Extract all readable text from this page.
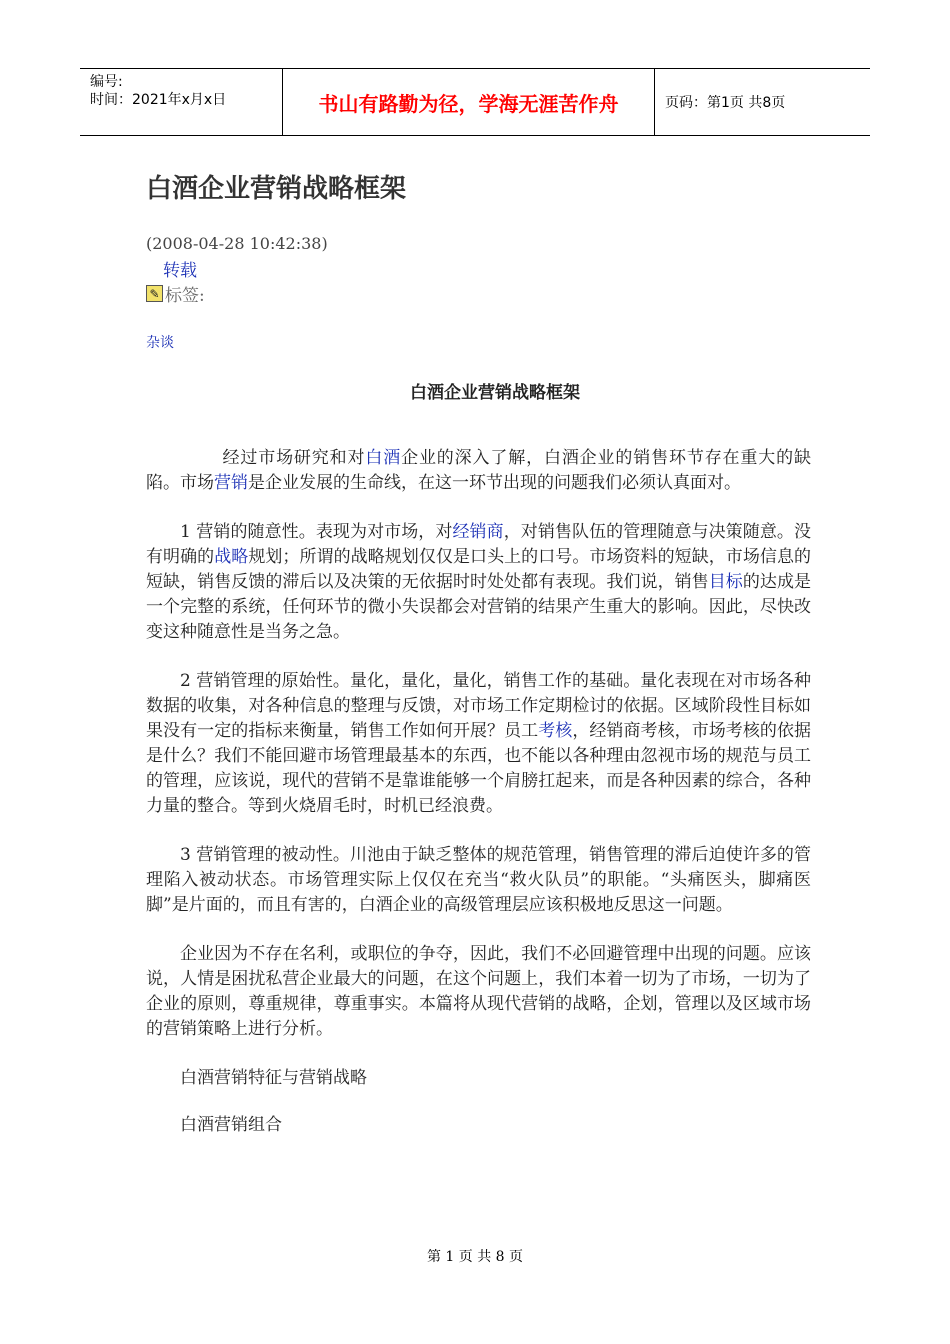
编号:
时间：2021年x月x日	书山有路勤为径，学海无涯苦作舟	页码：第1页 共8页
白酒企业营销战略框架
(2008-04-28 10:42:38)
转载
✎ 标签:
杂谈
白酒企业营销战略框架

经过市场研究和对白酒企业的深入了解，白酒企业的销售环节存在重大的缺陷。市场营销是企业发展的生命线，在这一环节出现的问题我们必须认真面对。

1 营销的随意性。表现为对市场，对经销商，对销售队伍的管理随意与决策随意。没有明确的战略规划；所谓的战略规划仅仅是口头上的口号。市场资料的短缺，市场信息的短缺，销售反馈的滞后以及决策的无依据时时处处都有表现。我们说，销售目标的达成是一个完整的系统，任何环节的微小失误都会对营销的结果产生重大的影响。因此，尽快改变这种随意性是当务之急。

2 营销管理的原始性。量化，量化，量化，销售工作的基础。量化表现在对市场各种数据的收集，对各种信息的整理与反馈，对市场工作定期检讨的依据。区域阶段性目标如果没有一定的指标来衡量，销售工作如何开展？员工考核，经销商考核，市场考核的依据是什么？我们不能回避市场管理最基本的东西，也不能以各种理由忽视市场的规范与员工的管理，应该说，现代的营销不是靠谁能够一个肩膀扛起来，而是各种因素的综合，各种力量的整合。等到火烧眉毛时，时机已经浪费。

3 营销管理的被动性。川池由于缺乏整体的规范管理，销售管理的滞后迫使许多的管理陷入被动状态。市场管理实际上仅仅在充当“救火队员”的职能。“头痛医头，脚痛医脚”是片面的，而且有害的，白酒企业的高级管理层应该积极地反思这一问题。

企业因为不存在名利，或职位的争夺，因此，我们不必回避管理中出现的问题。应该说，人情是困扰私营企业最大的问题，在这个问题上，我们本着一切为了市场，一切为了企业的原则，尊重规律，尊重事实。本篇将从现代营销的战略，企划，管理以及区域市场的营销策略上进行分析。

白酒营销特征与营销战略

白酒营销组合

第 1 页 共 8 页
